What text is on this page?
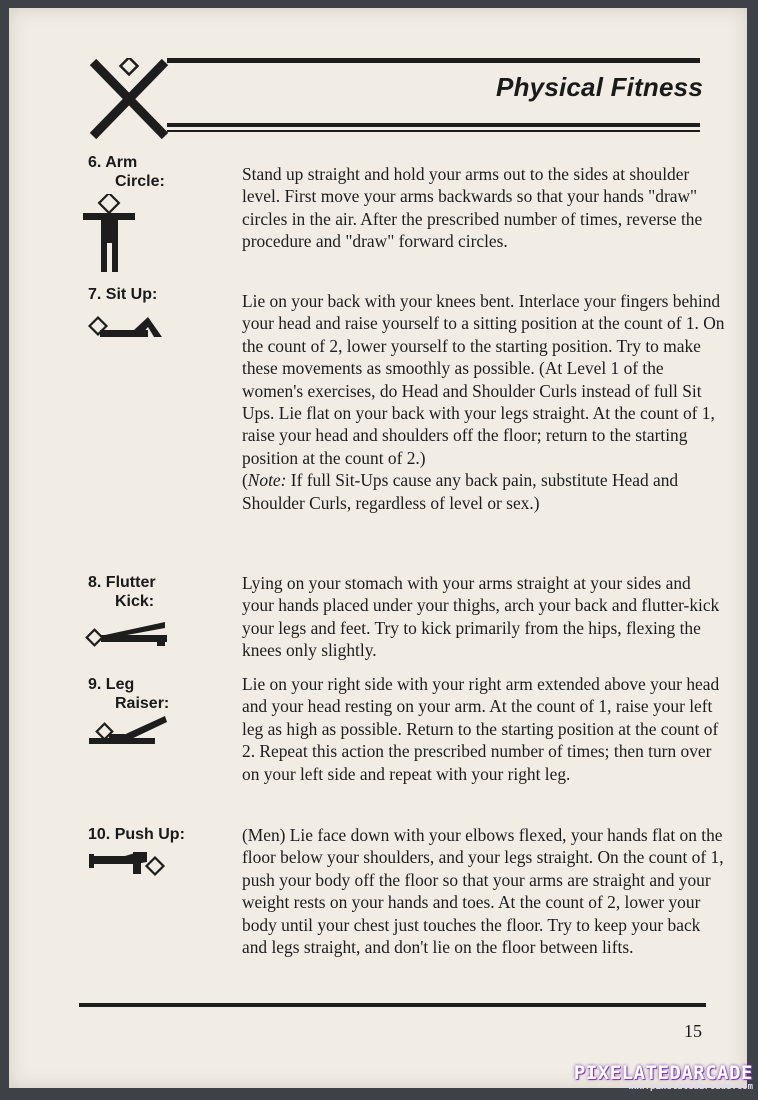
Physical Fitness
6. Arm
Circle:	Stand up straight and hold your arms out to the sides at shoulder level. First move your arms backwards so that your hands "draw" circles in the air. After the prescribed number of times, reverse the procedure and "draw" forward circles.

7. Sit Up:	Lie on your back with your knees bent. Interlace your fingers behind your head and raise yourself to a sitting position at the count of 1. On the count of 2, lower yourself to the starting position. Try to make these movements as smoothly as possible. (At Level 1 of the women's exercises, do Head and Shoulder Curls instead of full Sit Ups. Lie flat on your back with your legs straight. At the count of 1, raise your head and shoulders off the floor; return to the starting position at the count of 2.)

(Note: If full Sit-Ups cause any back pain, substitute Head and Shoulder Curls, regardless of level or sex.)

8. Flutter
Kick:

Lying on your stomach with your arms straight at your sides and your hands placed under your thighs, arch your back and flutter-kick your legs and feet. Try to kick primarily from the hips, flexing the knees only slightly.

9. Leg
Raiser:

Lie on your right side with your right arm extended above your head and your head resting on your arm. At the count of 1, raise your left leg as high as possible. Return to the starting position at the count of 2. Repeat this action the prescribed number of times; then turn over on your left side and repeat with your right leg.

10. Push Up:	(Men) Lie face down with your elbows flexed, your hands flat on the floor below your shoulders, and your legs straight. On the count of 1, push your body off the floor so that your arms are straight and your weight rests on your hands and toes. At the count of 2, lower your body until your chest just touches the floor. Try to keep your back and legs straight, and don't lie on the floor between lifts.

15
PIXELATEDARCADE
www.pixelatedarcade.com
